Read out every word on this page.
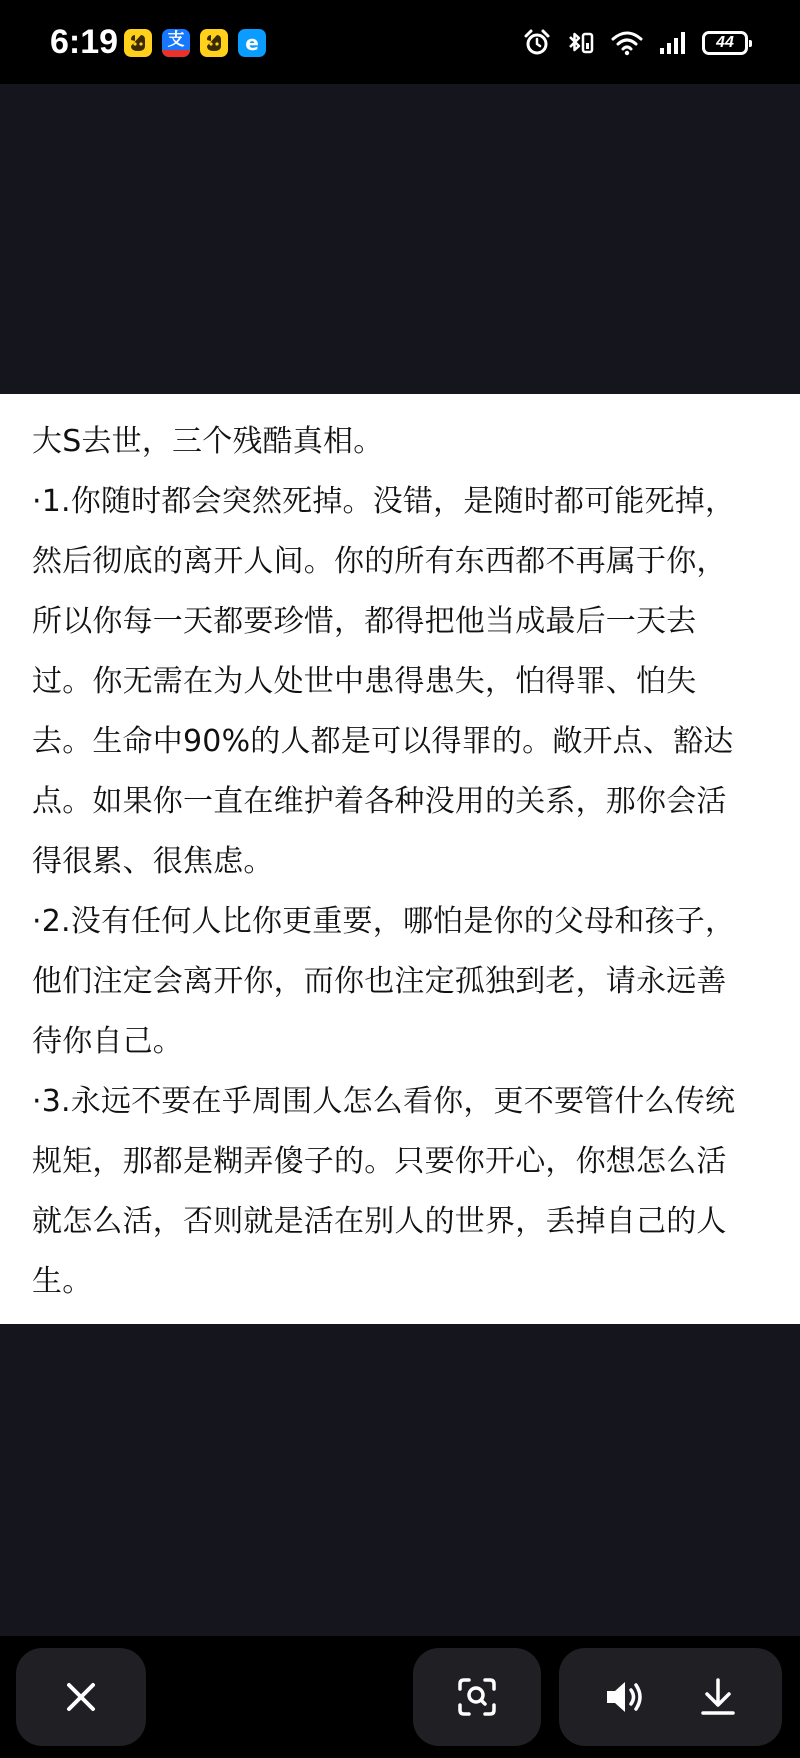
6:19	支	e	44
大S去世，三个残酷真相。
·1.你随时都会突然死掉。没错，是随时都可能死掉，
然后彻底的离开人间。你的所有东西都不再属于你，
所以你每一天都要珍惜，都得把他当成最后一天去
过。你无需在为人处世中患得患失，怕得罪、怕失
去。生命中90%的人都是可以得罪的。敞开点、豁达
点。如果你一直在维护着各种没用的关系，那你会活
得很累、很焦虑。
·2.没有任何人比你更重要，哪怕是你的父母和孩子，
他们注定会离开你，而你也注定孤独到老，请永远善
待你自己。
·3.永远不要在乎周围人怎么看你，更不要管什么传统
规矩，那都是糊弄傻子的。只要你开心，你想怎么活
就怎么活，否则就是活在别人的世界，丢掉自己的人
生。
